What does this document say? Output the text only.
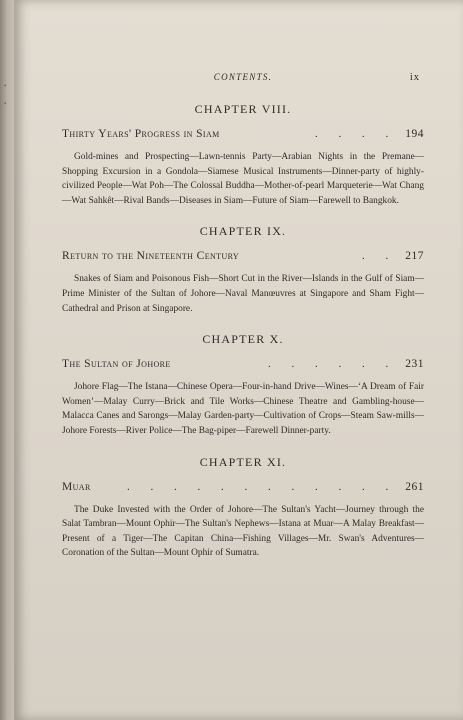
•
•
CONTENTS.	ix
CHAPTER VIII.
Thirty Years' Progress in Siam	. . . . 194

Gold-mines and Prospecting—Lawn-tennis Party—Arabian Nights in the Premane—Shopping Excursion in a Gondola—Siamese Musical Instruments—Dinner-party of highly-civilized People—Wat Poh—The Colossal Buddha—Mother-of-pearl Marqueterie—Wat Chang—Wat Sahkêt—Rival Bands—Diseases in Siam—Future of Siam—Farewell to Bangkok.

CHAPTER IX.
Return to the Nineteenth Century	. . 217

Snakes of Siam and Poisonous Fish—Short Cut in the River—Islands in the Gulf of Siam—Prime Minister of the Sultan of Johore—Naval Manœuvres at Singapore and Sham Fight—Cathedral and Prison at Singapore.

CHAPTER X.
The Sultan of Johore	. . . . . . 231

Johore Flag—The Istana—Chinese Opera—Four-in-hand Drive—Wines—‘A Dream of Fair Women’—Malay Curry—Brick and Tile Works—Chinese Theatre and Gambling-house—Malacca Canes and Sarongs—Malay Garden-party—Cultivation of Crops—Steam Saw-mills—Johore Forests—River Police—The Bag-piper—Farewell Dinner-party.

CHAPTER XI.
Muar	. . . . . . . . . . . . 261

The Duke Invested with the Order of Johore—The Sultan's Yacht—Journey through the Salat Tambran—Mount Ophir—The Sultan's Nephews—Istana at Muar—A Malay Breakfast—Present of a Tiger—The Capitan China—Fishing Villages—Mr. Swan's Adventures—Coronation of the Sultan—Mount Ophir of Sumatra.
